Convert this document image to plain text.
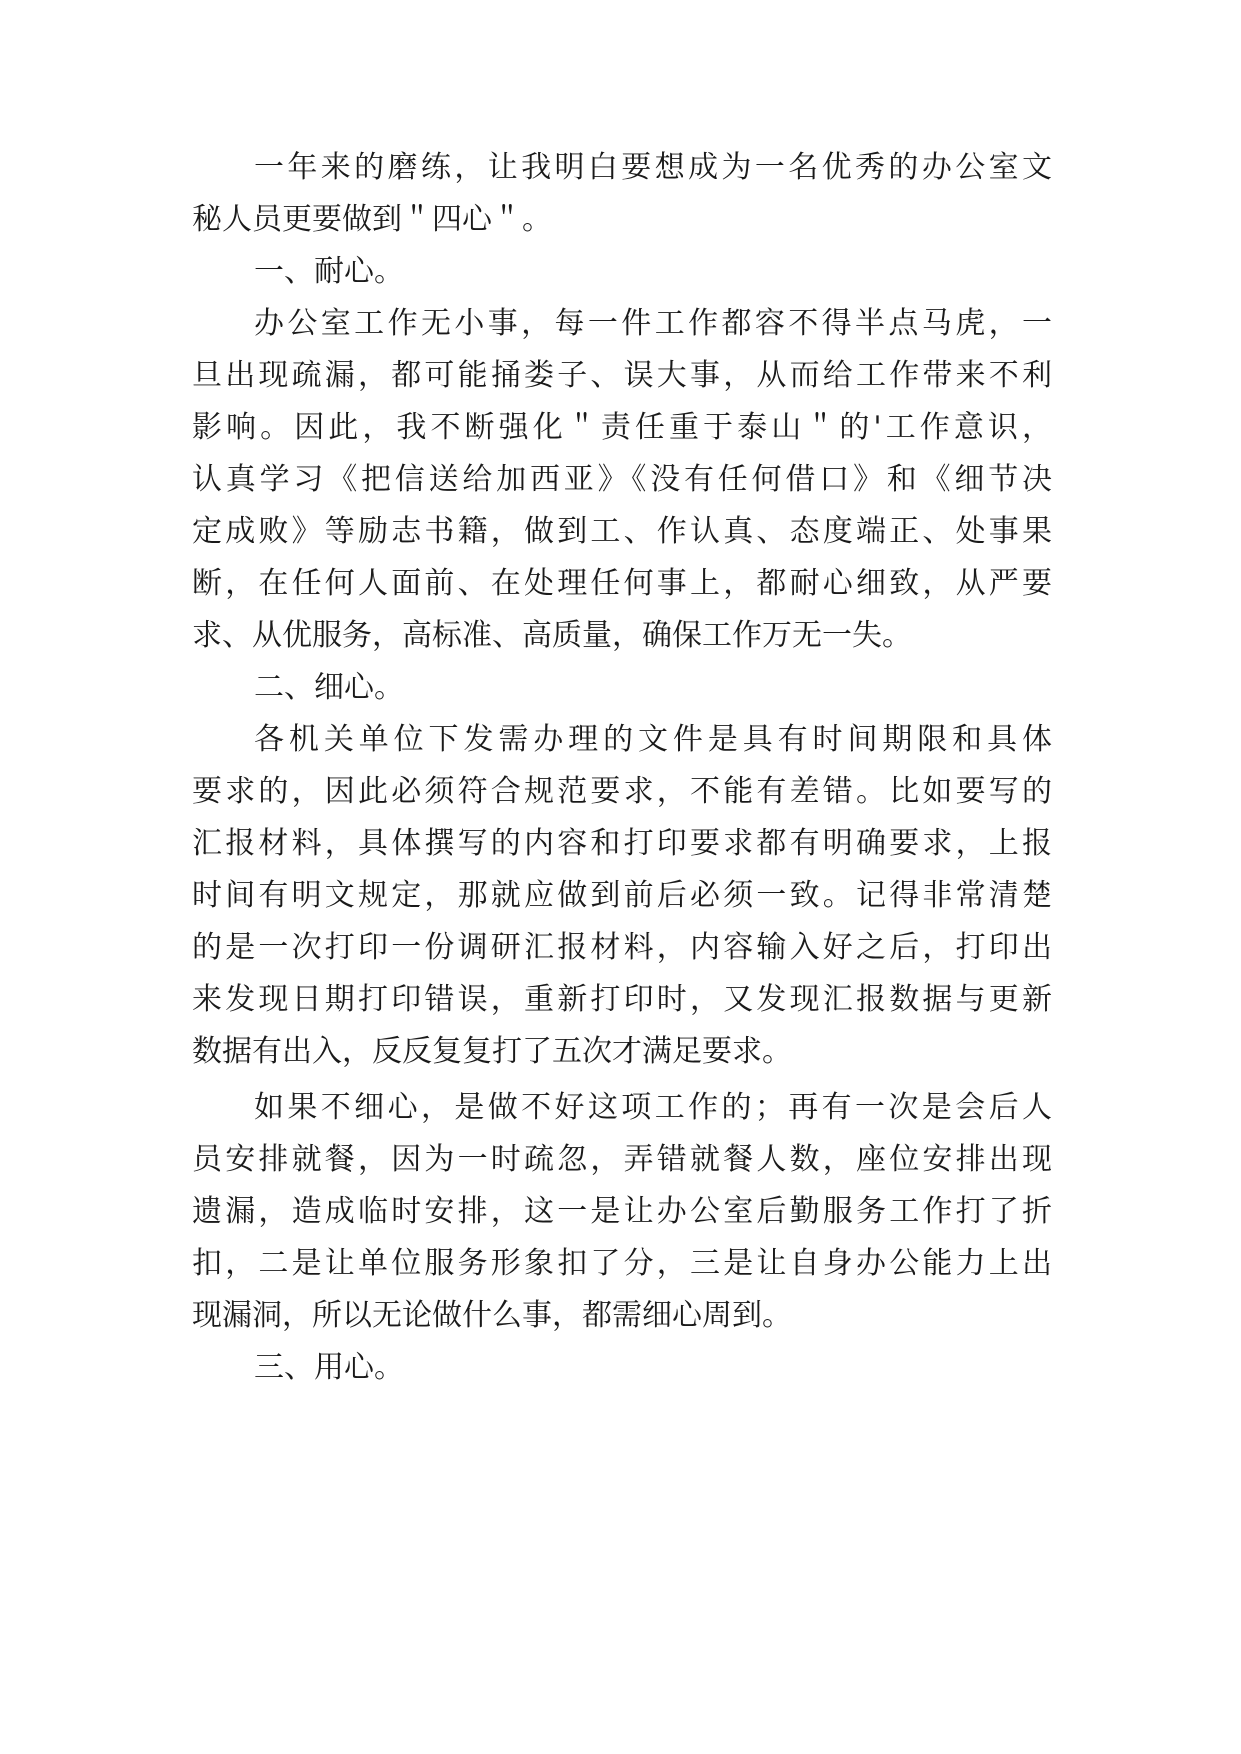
一年来的磨练，让我明白要想成为一名优秀的办公室文
秘人员更要做到＂四心＂。
一、耐心。
办公室工作无小事，每一件工作都容不得半点马虎，一
旦出现疏漏，都可能捅娄子、误大事，从而给工作带来不利
影响。因此，我不断强化＂责任重于泰山＂的'工作意识，
认真学习《把信送给加西亚》《没有任何借口》和《细节决
定成败》等励志书籍，做到工、作认真、态度端正、处事果
断，在任何人面前、在处理任何事上，都耐心细致，从严要
求、从优服务，高标准、高质量，确保工作万无一失。
二、细心。
各机关单位下发需办理的文件是具有时间期限和具体
要求的，因此必须符合规范要求，不能有差错。比如要写的
汇报材料，具体撰写的内容和打印要求都有明确要求，上报
时间有明文规定，那就应做到前后必须一致。记得非常清楚
的是一次打印一份调研汇报材料，内容输入好之后，打印出
来发现日期打印错误，重新打印时，又发现汇报数据与更新
数据有出入，反反复复打了五次才满足要求。
如果不细心，是做不好这项工作的；再有一次是会后人
员安排就餐，因为一时疏忽，弄错就餐人数，座位安排出现
遗漏，造成临时安排，这一是让办公室后勤服务工作打了折
扣，二是让单位服务形象扣了分，三是让自身办公能力上出
现漏洞，所以无论做什么事，都需细心周到。
三、用心。
